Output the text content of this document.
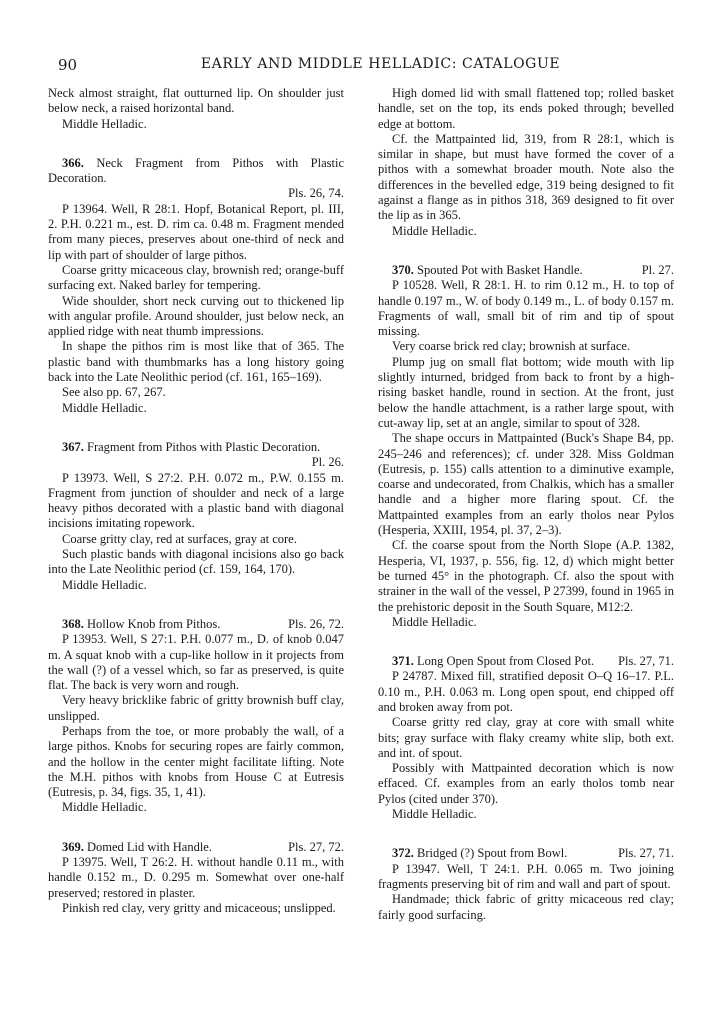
90	EARLY AND MIDDLE HELLADIC: CATALOGUE

Neck almost straight, flat outturned lip. On shoulder just below neck, a raised horizontal band.

Middle Helladic.

366. Neck Fragment from Pithos with Plastic Decoration.

Pls. 26, 74.

P 13964. Well, R 28:1. Hopf, Botanical Report, pl. III, 2. P.H. 0.221 m., est. D. rim ca. 0.48 m. Fragment mended from many pieces, preserves about one-third of neck and lip with part of shoulder of large pithos.

Coarse gritty micaceous clay, brownish red; orange-buff surfacing ext. Naked barley for tempering.

Wide shoulder, short neck curving out to thickened lip with angular profile. Around shoulder, just below neck, an applied ridge with neat thumb impressions.

In shape the pithos rim is most like that of 365. The plastic band with thumbmarks has a long history going back into the Late Neolithic period (cf. 161, 165–169).

See also pp. 67, 267.

Middle Helladic.

367. Fragment from Pithos with Plastic Decoration.

Pl. 26.

P 13973. Well, S 27:2. P.H. 0.072 m., P.W. 0.155 m. Fragment from junction of shoulder and neck of a large heavy pithos decorated with a plastic band with diagonal incisions imitating ropework.

Coarse gritty clay, red at surfaces, gray at core.

Such plastic bands with diagonal incisions also go back into the Late Neolithic period (cf. 159, 164, 170).

Middle Helladic.

368. Hollow Knob from Pithos.	Pls. 26, 72.

P 13953. Well, S 27:1. P.H. 0.077 m., D. of knob 0.047 m. A squat knob with a cup-like hollow in it projects from the wall (?) of a vessel which, so far as preserved, is quite flat. The back is very worn and rough.

Very heavy bricklike fabric of gritty brownish buff clay, unslipped.

Perhaps from the toe, or more probably the wall, of a large pithos. Knobs for securing ropes are fairly common, and the hollow in the center might facilitate lifting. Note the M.H. pithos with knobs from House C at Eutresis (Eutresis, p. 34, figs. 35, 1, 41).

Middle Helladic.

369. Domed Lid with Handle.	Pls. 27, 72.

P 13975. Well, T 26:2. H. without handle 0.11 m., with handle 0.152 m., D. 0.295 m. Somewhat over one-half preserved; restored in plaster.

Pinkish red clay, very gritty and micaceous; unslipped.

High domed lid with small flattened top; rolled basket handle, set on the top, its ends poked through; bevelled edge at bottom.

Cf. the Mattpainted lid, 319, from R 28:1, which is similar in shape, but must have formed the cover of a pithos with a somewhat broader mouth. Note also the differences in the bevelled edge, 319 being designed to fit against a flange as in pithos 318, 369 designed to fit over the lip as in 365.

Middle Helladic.

370. Spouted Pot with Basket Handle.	Pl. 27.

P 10528. Well, R 28:1. H. to rim 0.12 m., H. to top of handle 0.197 m., W. of body 0.149 m., L. of body 0.157 m. Fragments of wall, small bit of rim and tip of spout missing.

Very coarse brick red clay; brownish at surface.

Plump jug on small flat bottom; wide mouth with lip slightly inturned, bridged from back to front by a high-rising basket handle, round in section. At the front, just below the handle attachment, is a rather large spout, with cut-away lip, set at an angle, similar to spout of 328.

The shape occurs in Mattpainted (Buck's Shape B4, pp. 245–246 and references); cf. under 328. Miss Goldman (Eutresis, p. 155) calls attention to a diminutive example, coarse and undecorated, from Chalkis, which has a smaller handle and a higher more flaring spout. Cf. the Mattpainted examples from an early tholos near Pylos (Hesperia, XXIII, 1954, pl. 37, 2–3).

Cf. the coarse spout from the North Slope (A.P. 1382, Hesperia, VI, 1937, p. 556, fig. 12, d) which might better be turned 45° in the photograph. Cf. also the spout with strainer in the wall of the vessel, P 27399, found in 1965 in the prehistoric deposit in the South Square, M12:2.

Middle Helladic.

371. Long Open Spout from Closed Pot.	Pls. 27, 71.

P 24787. Mixed fill, stratified deposit O–Q 16–17. P.L. 0.10 m., P.H. 0.063 m. Long open spout, end chipped off and broken away from pot.

Coarse gritty red clay, gray at core with small white bits; gray surface with flaky creamy white slip, both ext. and int. of spout.

Possibly with Mattpainted decoration which is now effaced. Cf. examples from an early tholos tomb near Pylos (cited under 370).

Middle Helladic.

372. Bridged (?) Spout from Bowl.	Pls. 27, 71.

P 13947. Well, T 24:1. P.H. 0.065 m. Two joining fragments preserving bit of rim and wall and part of spout.

Handmade; thick fabric of gritty micaceous red clay; fairly good surfacing.
